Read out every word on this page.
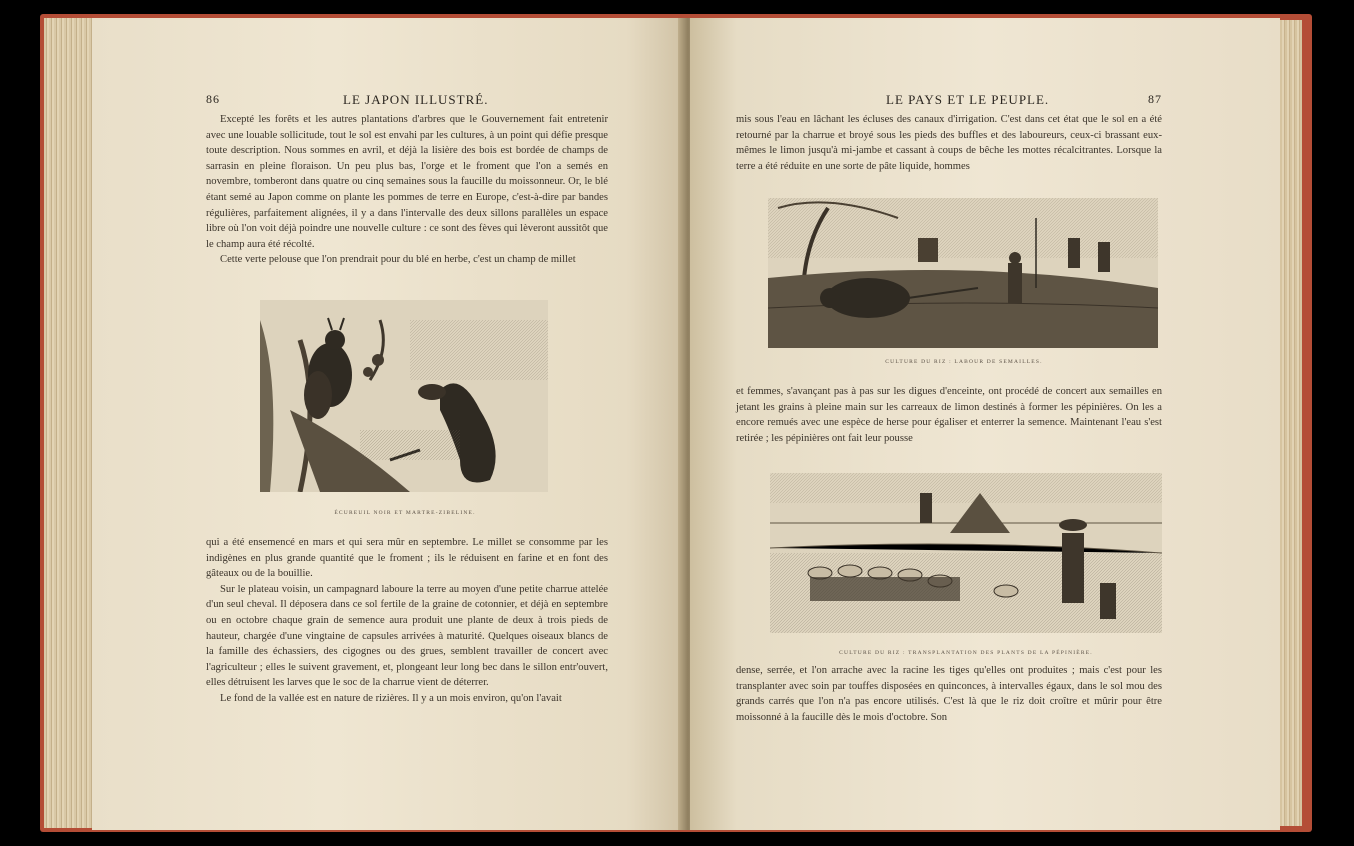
86	LE JAPON ILLUSTRÉ.

Excepté les forêts et les autres plantations d'arbres que le Gouvernement fait entretenir avec une louable sollicitude, tout le sol est envahi par les cultures, à un point qui défie presque toute description. Nous sommes en avril, et déjà la lisière des bois est bordée de champs de sarrasin en pleine floraison. Un peu plus bas, l'orge et le froment que l'on a semés en novembre, tomberont dans quatre ou cinq semaines sous la faucille du moissonneur. Or, le blé étant semé au Japon comme on plante les pommes de terre en Europe, c'est-à-dire par bandes régulières, parfaitement alignées, il y a dans l'intervalle des deux sillons parallèles un espace libre où l'on voit déjà poindre une nouvelle culture : ce sont des fèves qui lèveront aussitôt que le champ aura été récolté.

Cette verte pelouse que l'on prendrait pour du blé en herbe, c'est un champ de millet

ÉCUREUIL NOIR ET MARTRE-ZIBELINE.

qui a été ensemencé en mars et qui sera mûr en septembre. Le millet se consomme par les indigènes en plus grande quantité que le froment ; ils le réduisent en farine et en font des gâteaux ou de la bouillie.

Sur le plateau voisin, un campagnard laboure la terre au moyen d'une petite charrue attelée d'un seul cheval. Il déposera dans ce sol fertile de la graine de cotonnier, et déjà en septembre ou en octobre chaque grain de semence aura produit une plante de deux à trois pieds de hauteur, chargée d'une vingtaine de capsules arrivées à maturité. Quelques oiseaux blancs de la famille des échassiers, des cigognes ou des grues, semblent travailler de concert avec l'agriculteur ; elles le suivent gravement, et, plongeant leur long bec dans le sillon entr'ouvert, elles détruisent les larves que le soc de la charrue vient de déterrer.

Le fond de la vallée est en nature de rizières. Il y a un mois environ, qu'on l'avait

LE PAYS ET LE PEUPLE.	87

mis sous l'eau en lâchant les écluses des canaux d'irrigation. C'est dans cet état que le sol en a été retourné par la charrue et broyé sous les pieds des buffles et des laboureurs, ceux-ci brassant eux-mêmes le limon jusqu'à mi-jambe et cassant à coups de bêche les mottes récalcitrantes. Lorsque la terre a été réduite en une sorte de pâte liquide, hommes

CULTURE DU RIZ : LABOUR DE SEMAILLES.

et femmes, s'avançant pas à pas sur les digues d'enceinte, ont procédé de concert aux semailles en jetant les grains à pleine main sur les carreaux de limon destinés à former les pépinières. On les a encore remués avec une espèce de herse pour égaliser et enterrer la semence. Maintenant l'eau s'est retirée ; les pépinières ont fait leur pousse

CULTURE DU RIZ : TRANSPLANTATION DES PLANTS DE LA PÉPINIÈRE.

dense, serrée, et l'on arrache avec la racine les tiges qu'elles ont produites ; mais c'est pour les transplanter avec soin par touffes disposées en quinconces, à intervalles égaux, dans le sol mou des grands carrés que l'on n'a pas encore utilisés. C'est là que le riz doit croître et mûrir pour être moissonné à la faucille dès le mois d'octobre. Son
